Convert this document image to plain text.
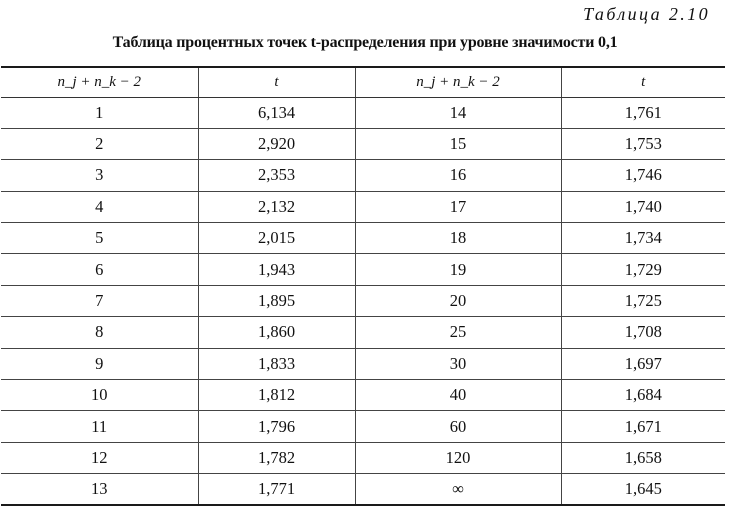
Таблица 2.10
Таблица процентных точек t-распределения при уровне значимости 0,1
n_j + n_k − 2	t	n_j + n_k − 2	t
1	6,134	14	1,761
2	2,920	15	1,753
3	2,353	16	1,746
4	2,132	17	1,740
5	2,015	18	1,734
6	1,943	19	1,729
7	1,895	20	1,725
8	1,860	25	1,708
9	1,833	30	1,697
10	1,812	40	1,684
11	1,796	60	1,671
12	1,782	120	1,658
13	1,771	∞	1,645
